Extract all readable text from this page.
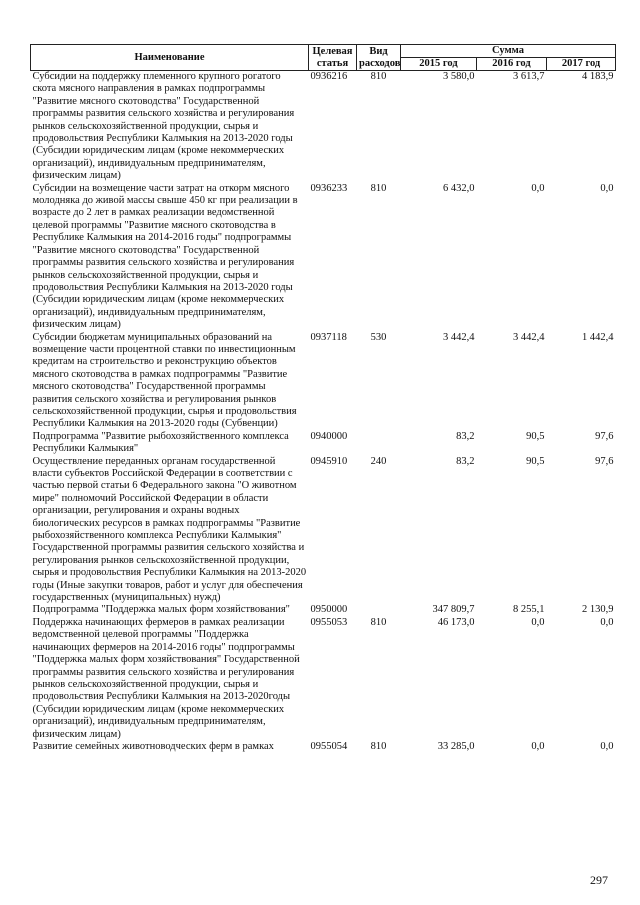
Наименование	Целевая статья	Вид расходов	Сумма		
			2015 год	2016 год	2017 год
Субсидии на поддержку племенного крупного рогатого скота мясного направления в рамках подпрограммы "Развитие мясного скотоводства" Государственной программы развития сельского хозяйства и регулирования рынков сельскохозяйственной продукции, сырья и продовольствия Республики Калмыкия на 2013-2020 годы (Субсидии юридическим лицам (кроме некоммерческих организаций), индивидуальным предпринимателям, физическим лицам)	0936216	810	3 580,0	3 613,7	4 183,9
Субсидии на возмещение части затрат на откорм мясного молодняка до живой массы свыше 450 кг при реализации в возрасте до 2 лет в рамках реализации ведомственной целевой программы "Развитие мясного скотоводства в Республике Калмыкия на 2014-2016 годы" подпрограммы "Развитие мясного скотоводства" Государственной программы развития сельского хозяйства и регулирования рынков сельскохозяйственной продукции, сырья и продовольствия Республики Калмыкия на 2013-2020 годы (Субсидии юридическим лицам (кроме некоммерческих организаций), индивидуальным предпринимателям, физическим лицам)	0936233	810	6 432,0	0,0	0,0
Субсидии бюджетам муниципальных образований на возмещение части процентной ставки по инвестиционным кредитам на строительство и реконструкцию объектов мясного скотоводства в рамках подпрограммы "Развитие мясного скотоводства" Государственной программы развития сельского хозяйства и регулирования рынков сельскохозяйственной продукции, сырья и продовольствия Республики Калмыкия на 2013-2020 годы (Субвенции)	0937118	530	3 442,4	3 442,4	1 442,4
Подпрограмма "Развитие рыбохозяйственного комплекса Республики Калмыкия"	0940000		83,2	90,5	97,6
Осуществление переданных органам государственной власти субъектов Российской Федерации в соответствии с частью первой статьи 6 Федерального закона "О животном мире" полномочий Российской Федерации в области организации, регулирования и охраны водных биологических ресурсов в рамках подпрограммы "Развитие рыбохозяйственного комплекса Республики Калмыкия" Государственной программы развития сельского хозяйства и регулирования рынков сельскохозяйственной продукции, сырья и продовольствия Республики Калмыкия на 2013-2020 годы (Иные закупки товаров, работ и услуг для обеспечения государственных (муниципальных) нужд)	0945910	240	83,2	90,5	97,6
Подпрограмма "Поддержка малых форм хозяйствования"	0950000		347 809,7	8 255,1	2 130,9
Поддержка начинающих фермеров в рамках реализации ведомственной целевой программы "Поддержка начинающих фермеров на 2014-2016 годы" подпрограммы "Поддержка малых форм хозяйствования" Государственной программы развития сельского хозяйства и регулирования рынков сельскохозяйственной продукции, сырья и продовольствия Республики Калмыкия на 2013-2020годы (Субсидии юридическим лицам (кроме некоммерческих организаций), индивидуальным предпринимателям, физическим лицам)	0955053	810	46 173,0	0,0	0,0
Развитие семейных животноводческих ферм в рамках	0955054	810	33 285,0	0,0	0,0
297
